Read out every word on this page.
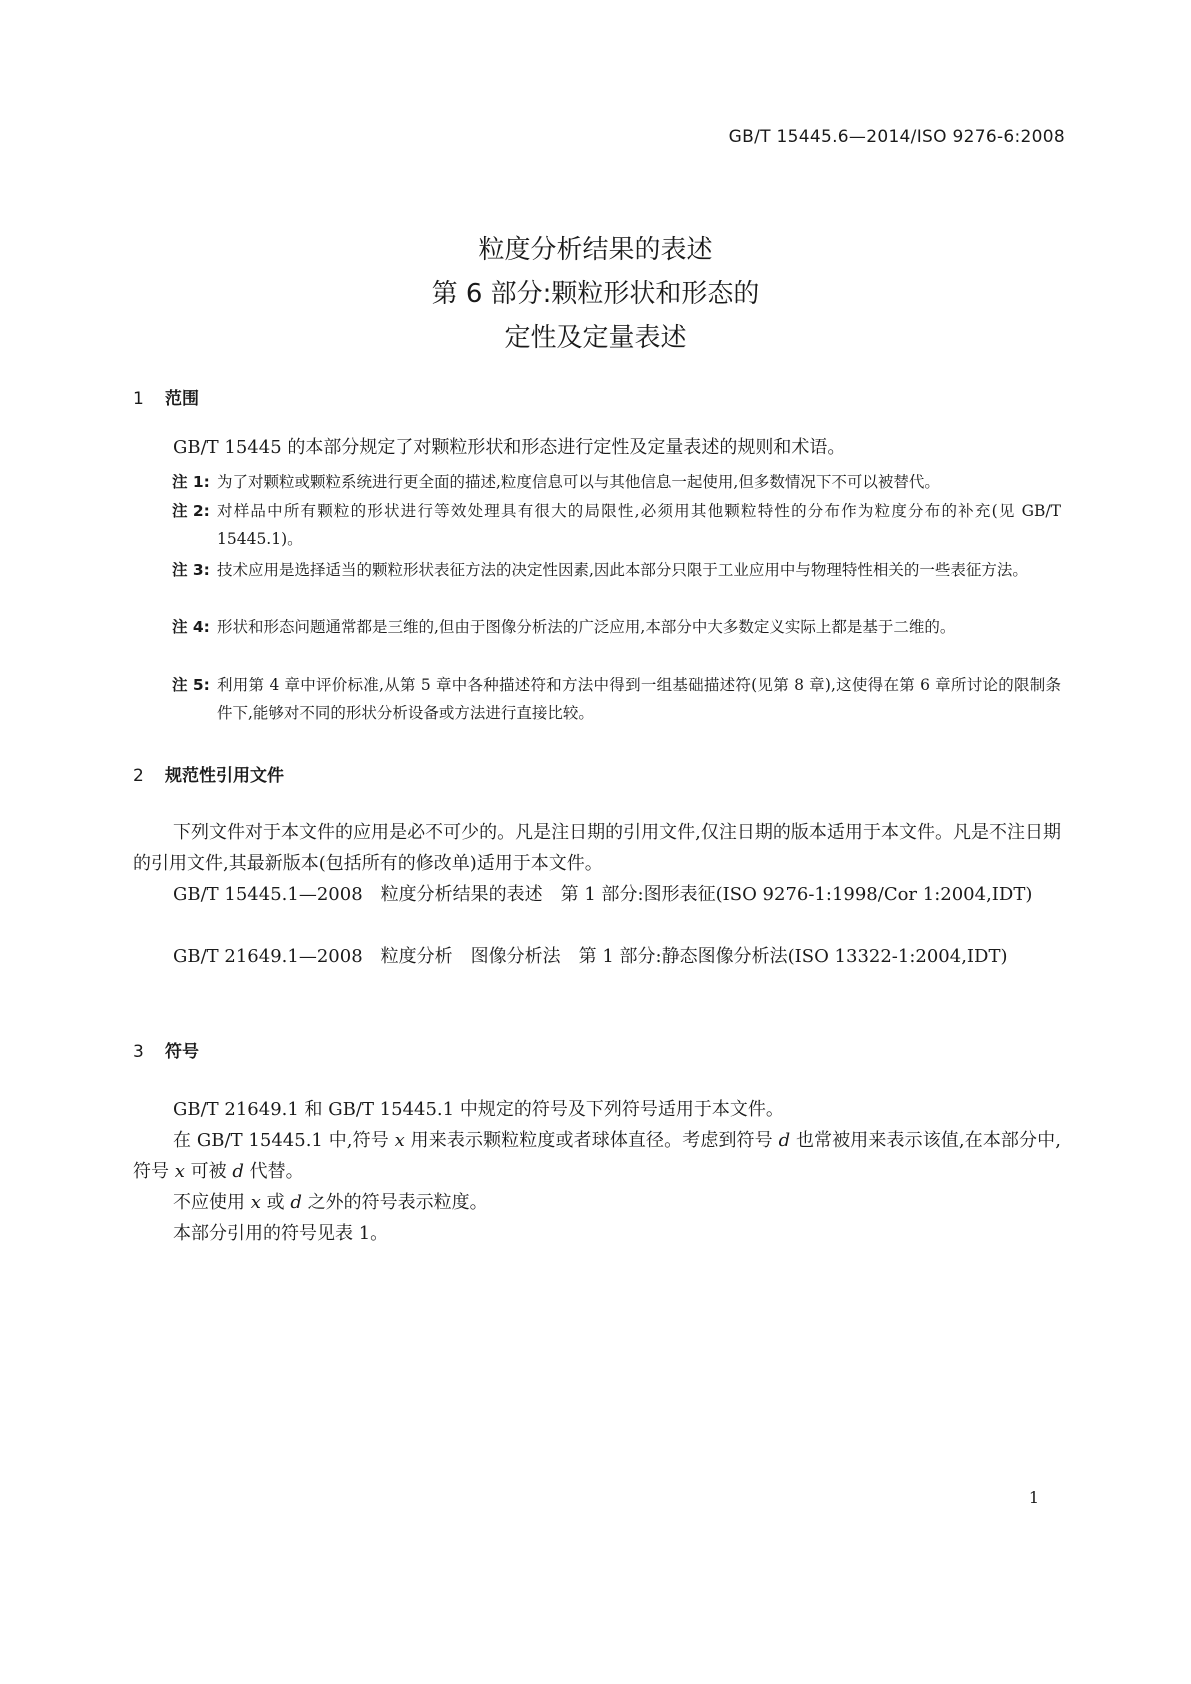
GB/T 15445.6—2014/ISO 9276-6:2008
粒度分析结果的表述
第 6 部分:颗粒形状和形态的
定性及定量表述
1 范围
GB/T 15445 的本部分规定了对颗粒形状和形态进行定性及定量表述的规则和术语。
注 1: 为了对颗粒或颗粒系统进行更全面的描述,粒度信息可以与其他信息一起使用,但多数情况下不可以被替代。
注 2: 对样品中所有颗粒的形状进行等效处理具有很大的局限性,必须用其他颗粒特性的分布作为粒度分布的补充(见 GB/T 15445.1)。
注 3: 技术应用是选择适当的颗粒形状表征方法的决定性因素,因此本部分只限于工业应用中与物理特性相关的一些表征方法。
注 4: 形状和形态问题通常都是三维的,但由于图像分析法的广泛应用,本部分中大多数定义实际上都是基于二维的。
注 5: 利用第 4 章中评价标准,从第 5 章中各种描述符和方法中得到一组基础描述符(见第 8 章),这使得在第 6 章所讨论的限制条件下,能够对不同的形状分析设备或方法进行直接比较。
2 规范性引用文件
下列文件对于本文件的应用是必不可少的。凡是注日期的引用文件,仅注日期的版本适用于本文件。凡是不注日期的引用文件,其最新版本(包括所有的修改单)适用于本文件。
GB/T 15445.1—2008　粒度分析结果的表述　第 1 部分:图形表征(ISO 9276-1:1998/Cor 1:2004,IDT)
GB/T 21649.1—2008　粒度分析　图像分析法　第 1 部分:静态图像分析法(ISO 13322-1:2004,IDT)
3 符号
GB/T 21649.1 和 GB/T 15445.1 中规定的符号及下列符号适用于本文件。
在 GB/T 15445.1 中,符号 x 用来表示颗粒粒度或者球体直径。考虑到符号 d 也常被用来表示该值,在本部分中,符号 x 可被 d 代替。
不应使用 x 或 d 之外的符号表示粒度。
本部分引用的符号见表 1。
1
